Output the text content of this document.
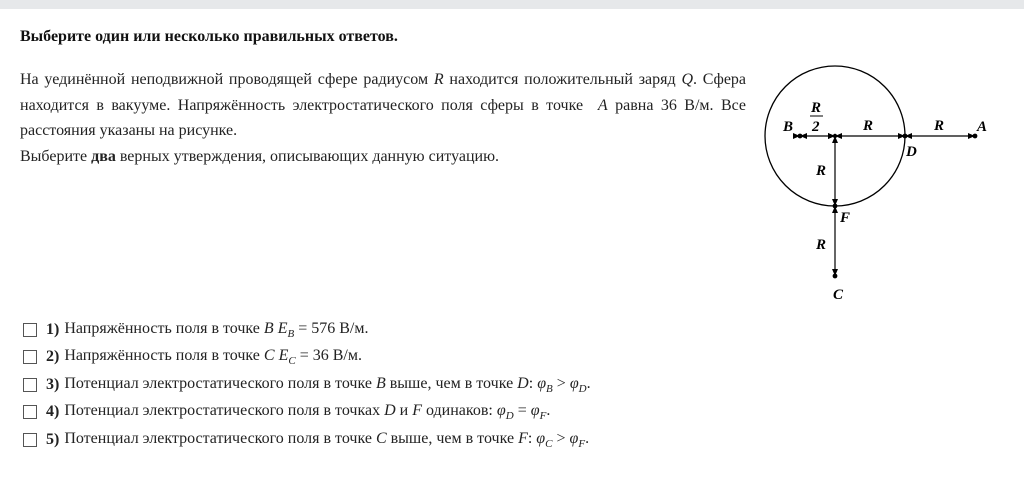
Выберите один или несколько правильных ответов.

На уединённой неподвижной проводящей сфере радиусом R находится положительный заряд Q. Сфера находится в вакууме. Напряжённость электростатического поля сферы в точке  A равна 36 В/м. Все расстояния указаны на рисунке.

Выберите два верных утверждения, описывающих данную ситуацию.

B
R
2	R	R A
D
R
F
R
C
1) Напряжённость поля в точке B $E_B = 576$ В/м.
2) Напряжённость поля в точке C $E_C = 36$ В/м.
3) Потенциал электростатического поля в точке B выше, чем в точке D: $\varphi_B > \varphi_D$.
4) Потенциал электростатического поля в точках D и F одинаков: $\varphi_D = \varphi_F$.
5) Потенциал электростатического поля в точке C выше, чем в точке F: $\varphi_C > \varphi_F$.
